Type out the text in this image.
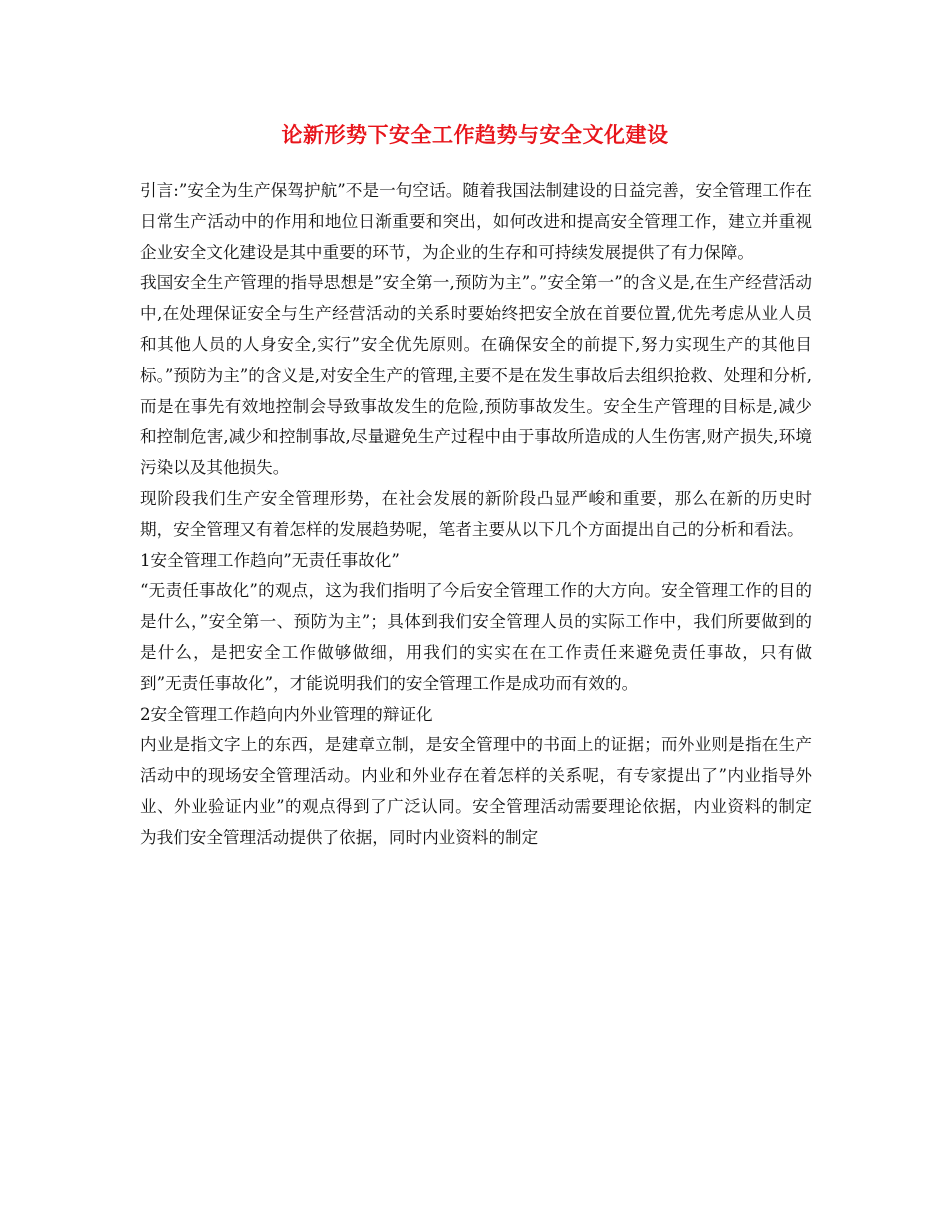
论新形势下安全工作趋势与安全文化建设

引言:”安全为生产保驾护航”不是一句空话。随着我国法制建设的日益完善，安全管理工作在日常生产活动中的作用和地位日渐重要和突出，如何改进和提高安全管理工作，建立并重视企业安全文化建设是其中重要的环节，为企业的生存和可持续发展提供了有力保障。

我国安全生产管理的指导思想是”安全第一,预防为主”。”安全第一”的含义是,在生产经营活动中,在处理保证安全与生产经营活动的关系时要始终把安全放在首要位置,优先考虑从业人员和其他人员的人身安全,实行”安全优先原则。在确保安全的前提下,努力实现生产的其他目标。”预防为主”的含义是,对安全生产的管理,主要不是在发生事故后去组织抢救、处理和分析,而是在事先有效地控制会导致事故发生的危险,预防事故发生。安全生产管理的目标是,减少和控制危害,减少和控制事故,尽量避免生产过程中由于事故所造成的人生伤害,财产损失,环境污染以及其他损失。

现阶段我们生产安全管理形势，在社会发展的新阶段凸显严峻和重要，那么在新的历史时期，安全管理又有着怎样的发展趋势呢，笔者主要从以下几个方面提出自己的分析和看法。

1安全管理工作趋向”无责任事故化”

“无责任事故化”的观点，这为我们指明了今后安全管理工作的大方向。安全管理工作的目的是什么，”安全第一、预防为主”；具体到我们安全管理人员的实际工作中，我们所要做到的是什么，是把安全工作做够做细，用我们的实实在在工作责任来避免责任事故，只有做到”无责任事故化”，才能说明我们的安全管理工作是成功而有效的。

2安全管理工作趋向内外业管理的辩证化

内业是指文字上的东西，是建章立制，是安全管理中的书面上的证据；而外业则是指在生产活动中的现场安全管理活动。内业和外业存在着怎样的关系呢，有专家提出了”内业指导外业、外业验证内业”的观点得到了广泛认同。安全管理活动需要理论依据，内业资料的制定为我们安全管理活动提供了依据，同时内业资料的制定
